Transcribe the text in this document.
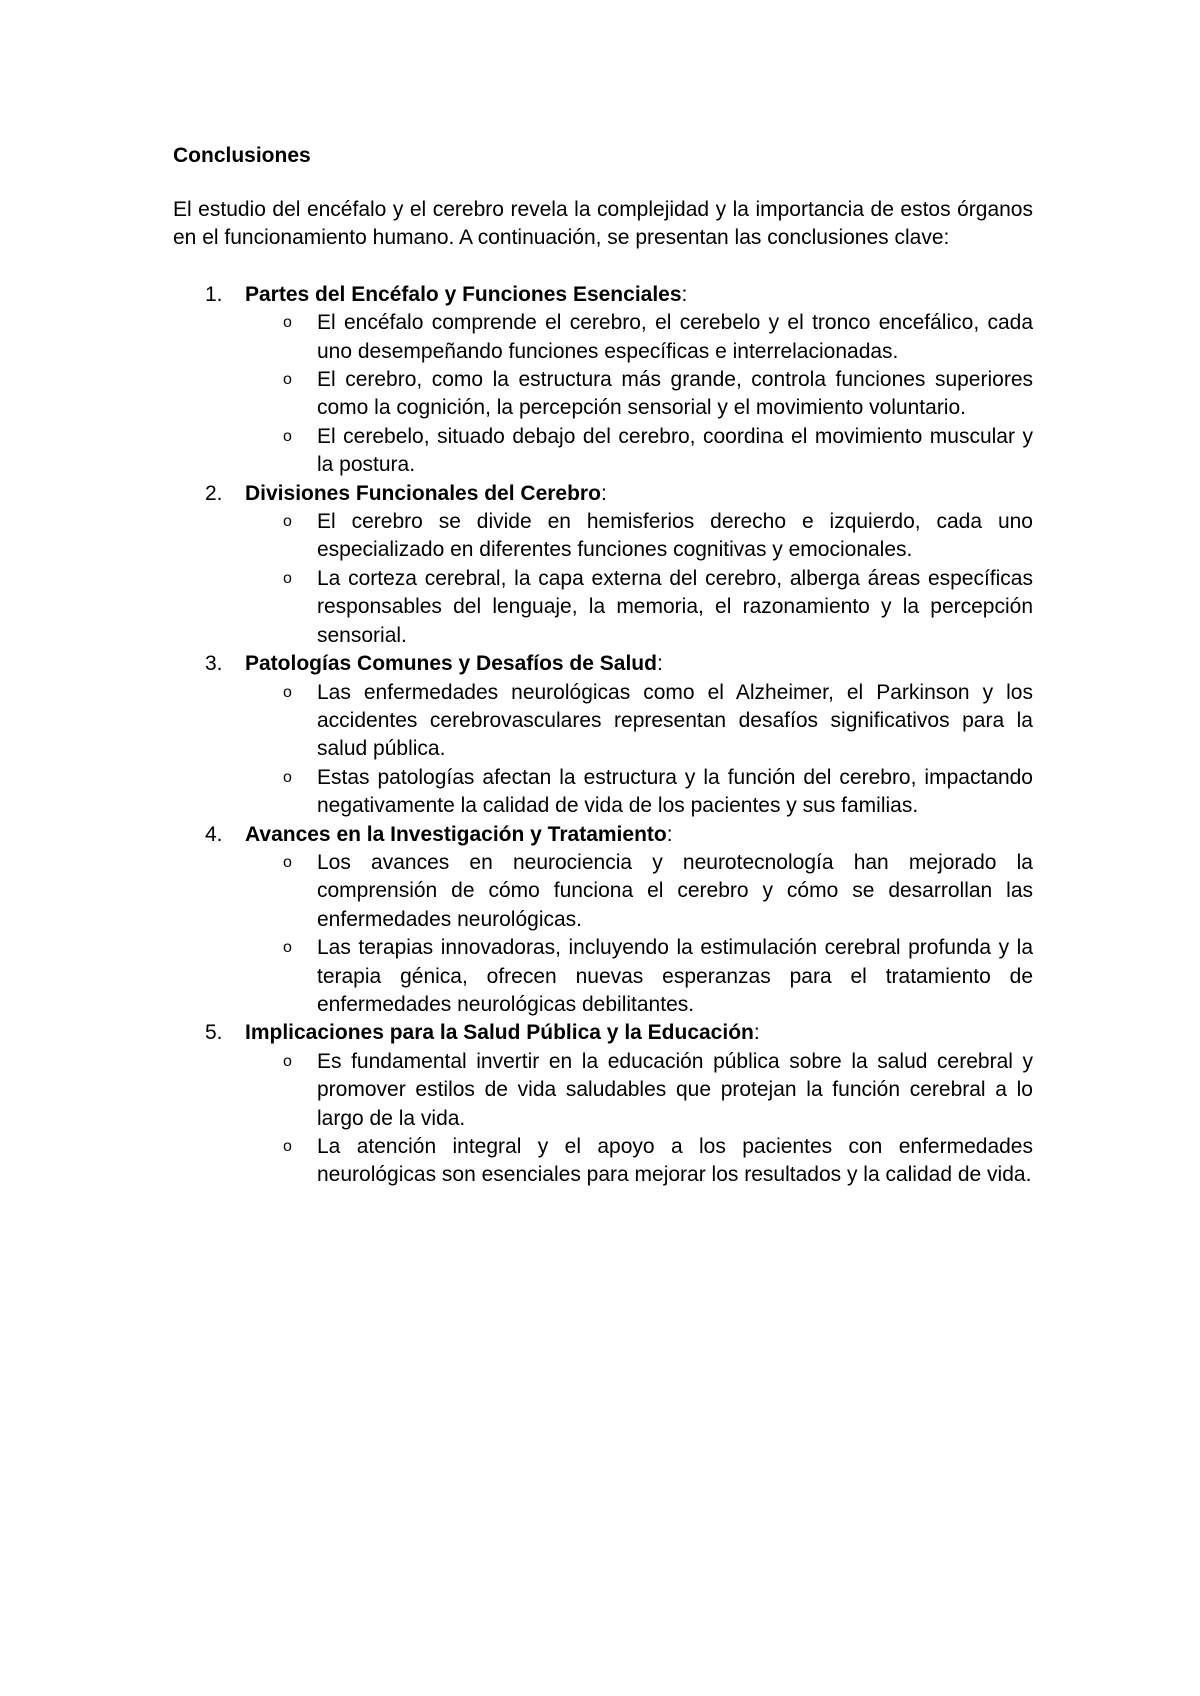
Conclusiones

El estudio del encéfalo y el cerebro revela la complejidad y la importancia de estos órganos en el funcionamiento humano. A continuación, se presentan las conclusiones clave:

1. Partes del Encéfalo y Funciones Esenciales:
o El encéfalo comprende el cerebro, el cerebelo y el tronco encefálico, cada uno desempeñando funciones específicas e interrelacionadas.
o El cerebro, como la estructura más grande, controla funciones superiores como la cognición, la percepción sensorial y el movimiento voluntario.
o El cerebelo, situado debajo del cerebro, coordina el movimiento muscular y la postura.
2. Divisiones Funcionales del Cerebro:
o El cerebro se divide en hemisferios derecho e izquierdo, cada uno especializado en diferentes funciones cognitivas y emocionales.
o La corteza cerebral, la capa externa del cerebro, alberga áreas específicas responsables del lenguaje, la memoria, el razonamiento y la percepción sensorial.
3. Patologías Comunes y Desafíos de Salud:
o Las enfermedades neurológicas como el Alzheimer, el Parkinson y los accidentes cerebrovasculares representan desafíos significativos para la salud pública.
o Estas patologías afectan la estructura y la función del cerebro, impactando negativamente la calidad de vida de los pacientes y sus familias.
4. Avances en la Investigación y Tratamiento:
o Los avances en neurociencia y neurotecnología han mejorado la comprensión de cómo funciona el cerebro y cómo se desarrollan las enfermedades neurológicas.
o Las terapias innovadoras, incluyendo la estimulación cerebral profunda y la terapia génica, ofrecen nuevas esperanzas para el tratamiento de enfermedades neurológicas debilitantes.
5. Implicaciones para la Salud Pública y la Educación:
o Es fundamental invertir en la educación pública sobre la salud cerebral y promover estilos de vida saludables que protejan la función cerebral a lo largo de la vida.
o La atención integral y el apoyo a los pacientes con enfermedades neurológicas son esenciales para mejorar los resultados y la calidad de vida.
